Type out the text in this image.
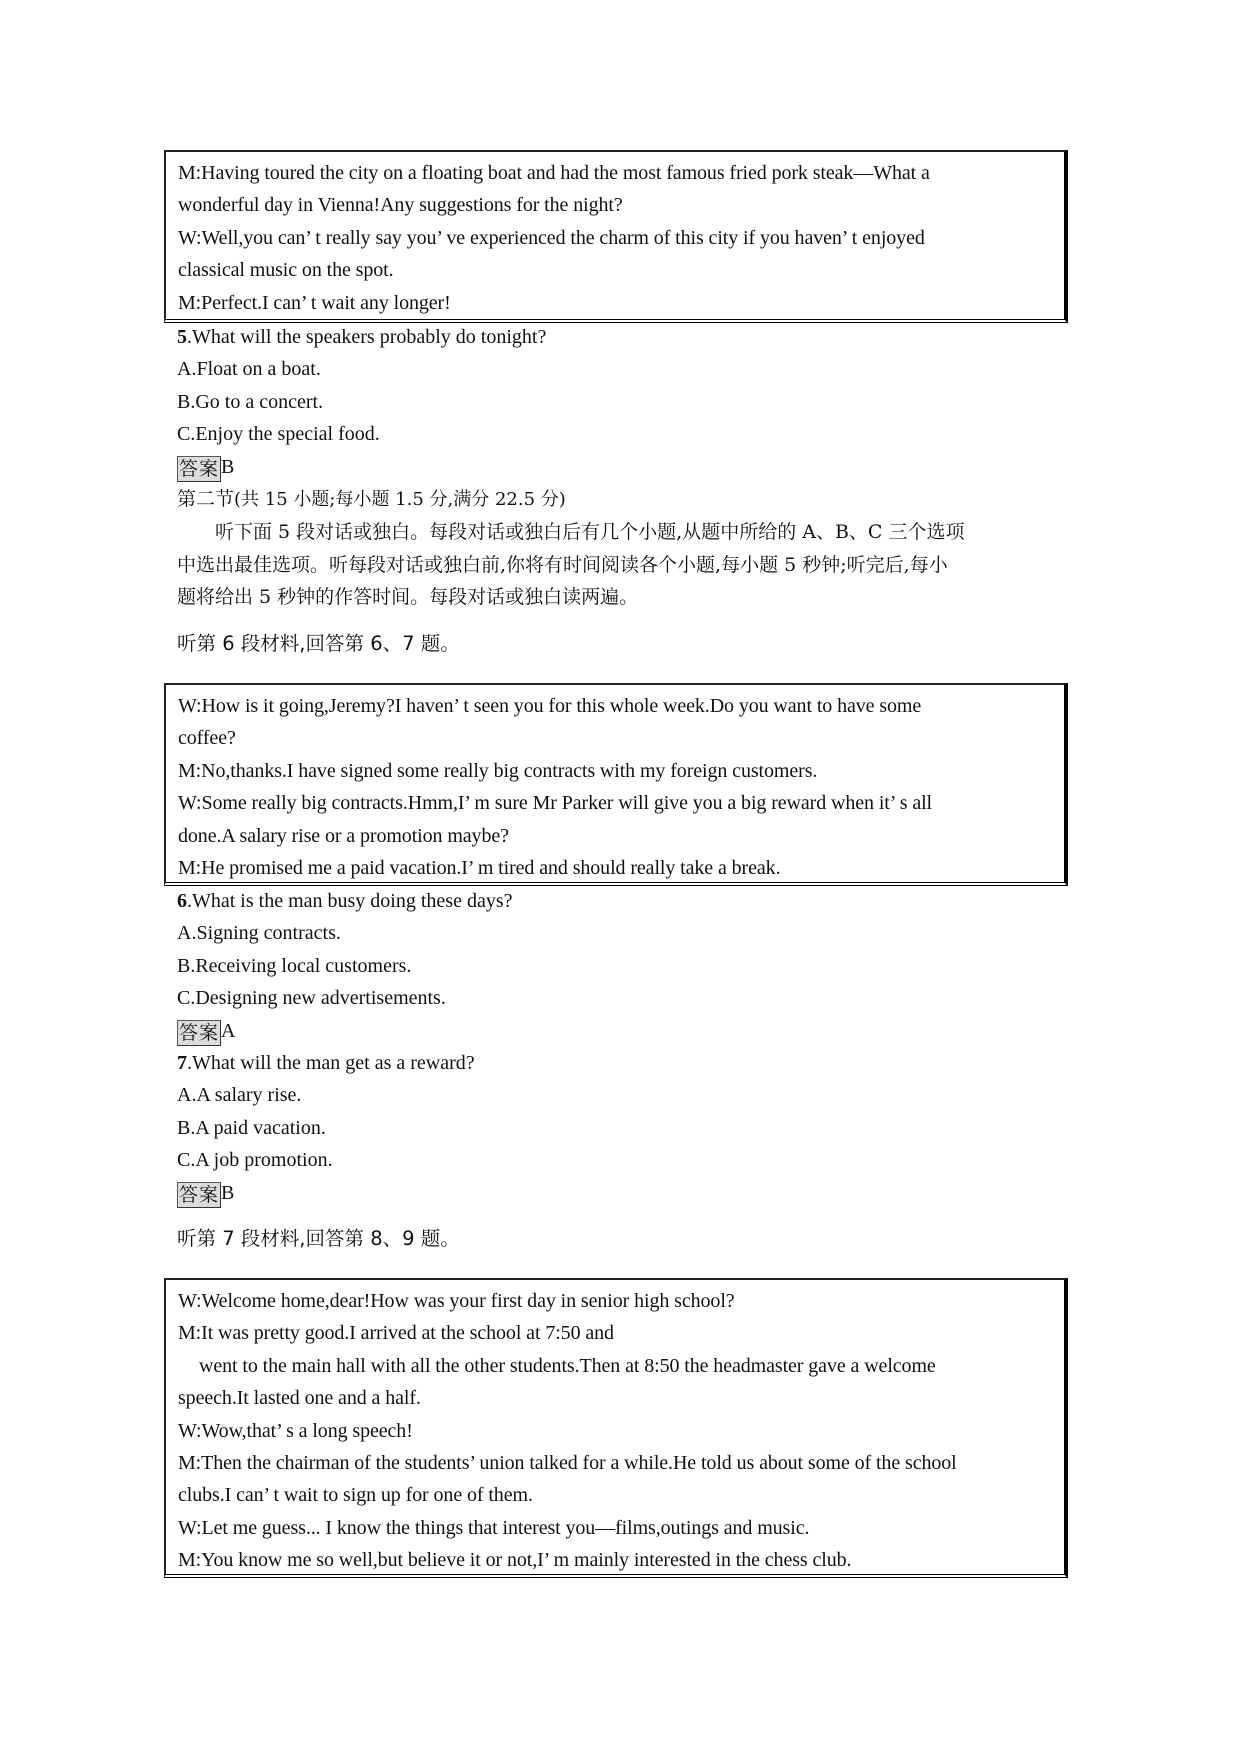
M:Having toured the city on a floating boat and had the most famous fried pork steak—What a
wonderful day in Vienna!Any suggestions for the night?
W:Well,you can’ t really say you’ ve experienced the charm of this city if you haven’ t enjoyed
classical music on the spot.
M:Perfect.I can’ t wait any longer!
5.What will the speakers probably do tonight?
A.Float on a boat.
B.Go to a concert.
C.Enjoy the special food.
答案 B
第二节(共 15 小题;每小题 1.5 分,满分 22.5 分)
　　听下面 5 段对话或独白。每段对话或独白后有几个小题,从题中所给的 A、B、C 三个选项
中选出最佳选项。听每段对话或独白前,你将有时间阅读各个小题,每小题 5 秒钟;听完后,每小
题将给出 5 秒钟的作答时间。每段对话或独白读两遍。
听第 6 段材料,回答第 6、7 题。
W:How is it going,Jeremy?I haven’ t seen you for this whole week.Do you want to have some
coffee?
M:No,thanks.I have signed some really big contracts with my foreign customers.
W:Some really big contracts.Hmm,I’ m sure Mr Parker will give you a big reward when it’ s all
done.A salary rise or a promotion maybe?
M:He promised me a paid vacation.I’ m tired and should really take a break.
6.What is the man busy doing these days?
A.Signing contracts.
B.Receiving local customers.
C.Designing new advertisements.
答案 A
7.What will the man get as a reward?
A.A salary rise.
B.A paid vacation.
C.A job promotion.
答案 B
听第 7 段材料,回答第 8、9 题。
W:Welcome home,dear!How was your first day in senior high school?
M:It was pretty good.I arrived at the school at 7:50 and
went to the main hall with all the other students.Then at 8:50 the headmaster gave a welcome
speech.It lasted one and a half.
W:Wow,that’ s a long speech!
M:Then the chairman of the students’ union talked for a while.He told us about some of the school
clubs.I can’ t wait to sign up for one of them.
W:Let me guess... I know the things that interest you—films,outings and music.
M:You know me so well,but believe it or not,I’ m mainly interested in the chess club.
